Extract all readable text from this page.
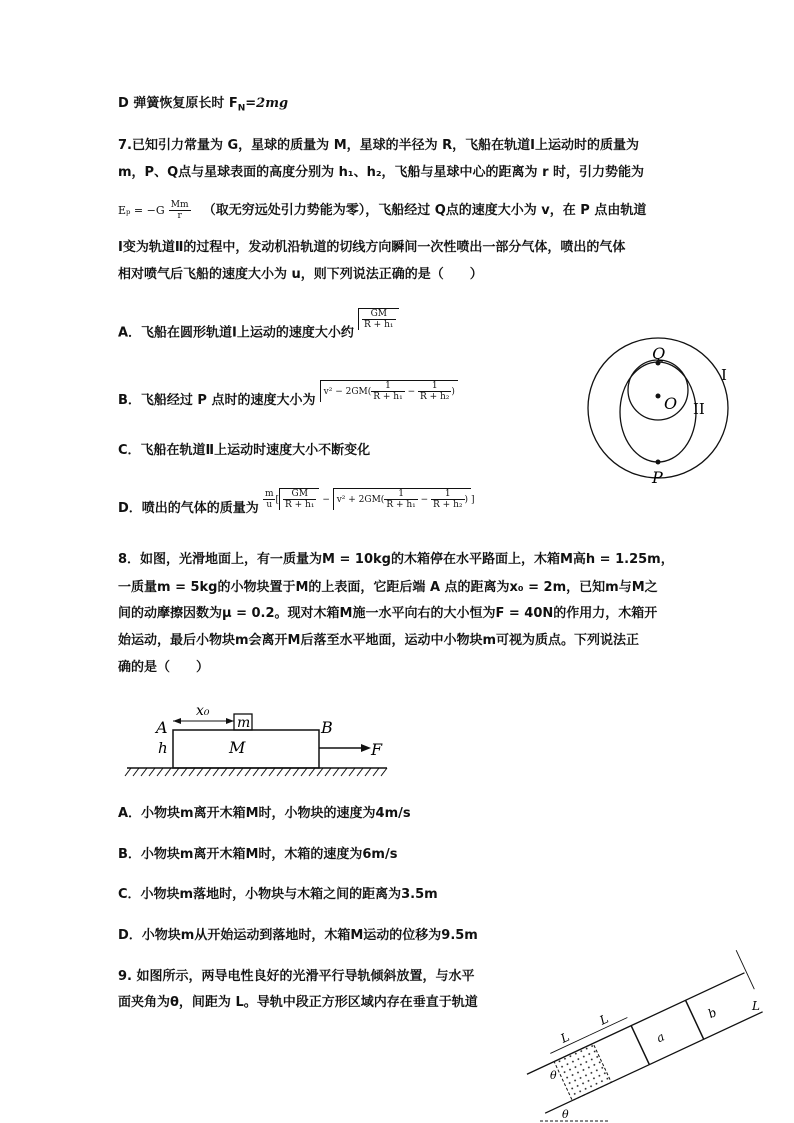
D 弹簧恢复原长时 $F_N=2mg$
7.已知引力常量为 G，星球的质量为 M，星球的半径为 R，飞船在轨道Ⅰ上运动时的质量为
m，P、Q点与星球表面的高度分别为 h₁、h₂，飞船与星球中心的距离为 r 时，引力势能为
$E_p = -G \frac{Mm}{r}$ （取无穷远处引力势能为零），飞船经过 Q点的速度大小为 v，在 P 点由轨道
Ⅰ变为轨道Ⅱ的过程中，发动机沿轨道的切线方向瞬间一次性喷出一部分气体，喷出的气体
相对喷气后飞船的速度大小为 u，则下列说法正确的是（　　）
A．飞船在圆形轨道Ⅰ上运动的速度大小约
$\frac{GM}{\text{R + h₁}}$
B．飞船经过 P 点时的速度大小为 $v^2 - 2GM( \frac{1}{\text{R + h₁}} - \frac{1}{\text{R + h₂}}$ )
C．飞船在轨道Ⅱ上运动时速度大小不断变化
D．喷出的气体的质量为 $^{\frac{m}{u} [ \frac{GM}{\text{R + h₁}} - v^2 + 2GM( \frac{1}{\text{R + h₁}} - \frac{1}{\text{R + h₂}} ) ]}$
Q
O
P
I
II
8．如图，光滑地面上，有一质量为M = 10kg的木箱停在水平路面上，木箱M高h = 1.25m，
一质量m = 5kg的小物块置于M的上表面，它距后端 A 点的距离为x₀ = 2m，已知m与M之
间的动摩擦因数为μ = 0.2。现对木箱M施一水平向右的大小恒为F = 40N的作用力，木箱开
始运动，最后小物块m会离开M后落至水平地面，运动中小物块m可视为质点。下列说法正
确的是（　　）
A
h
x₀
m
M
B
F
A．小物块m离开木箱M时，小物块的速度为4m/s
B．小物块m离开木箱M时，木箱的速度为6m/s
C．小物块m落地时，小物块与木箱之间的距离为3.5m
D．小物块m从开始运动到落地时，木箱M运动的位移为9.5m
9. 如图所示，两导电性良好的光滑平行导轨倾斜放置，与水平
面夹角为θ，间距为 L。导轨中段正方形区域内存在垂直于轨道
L
L
a
b	L
θ
θ
